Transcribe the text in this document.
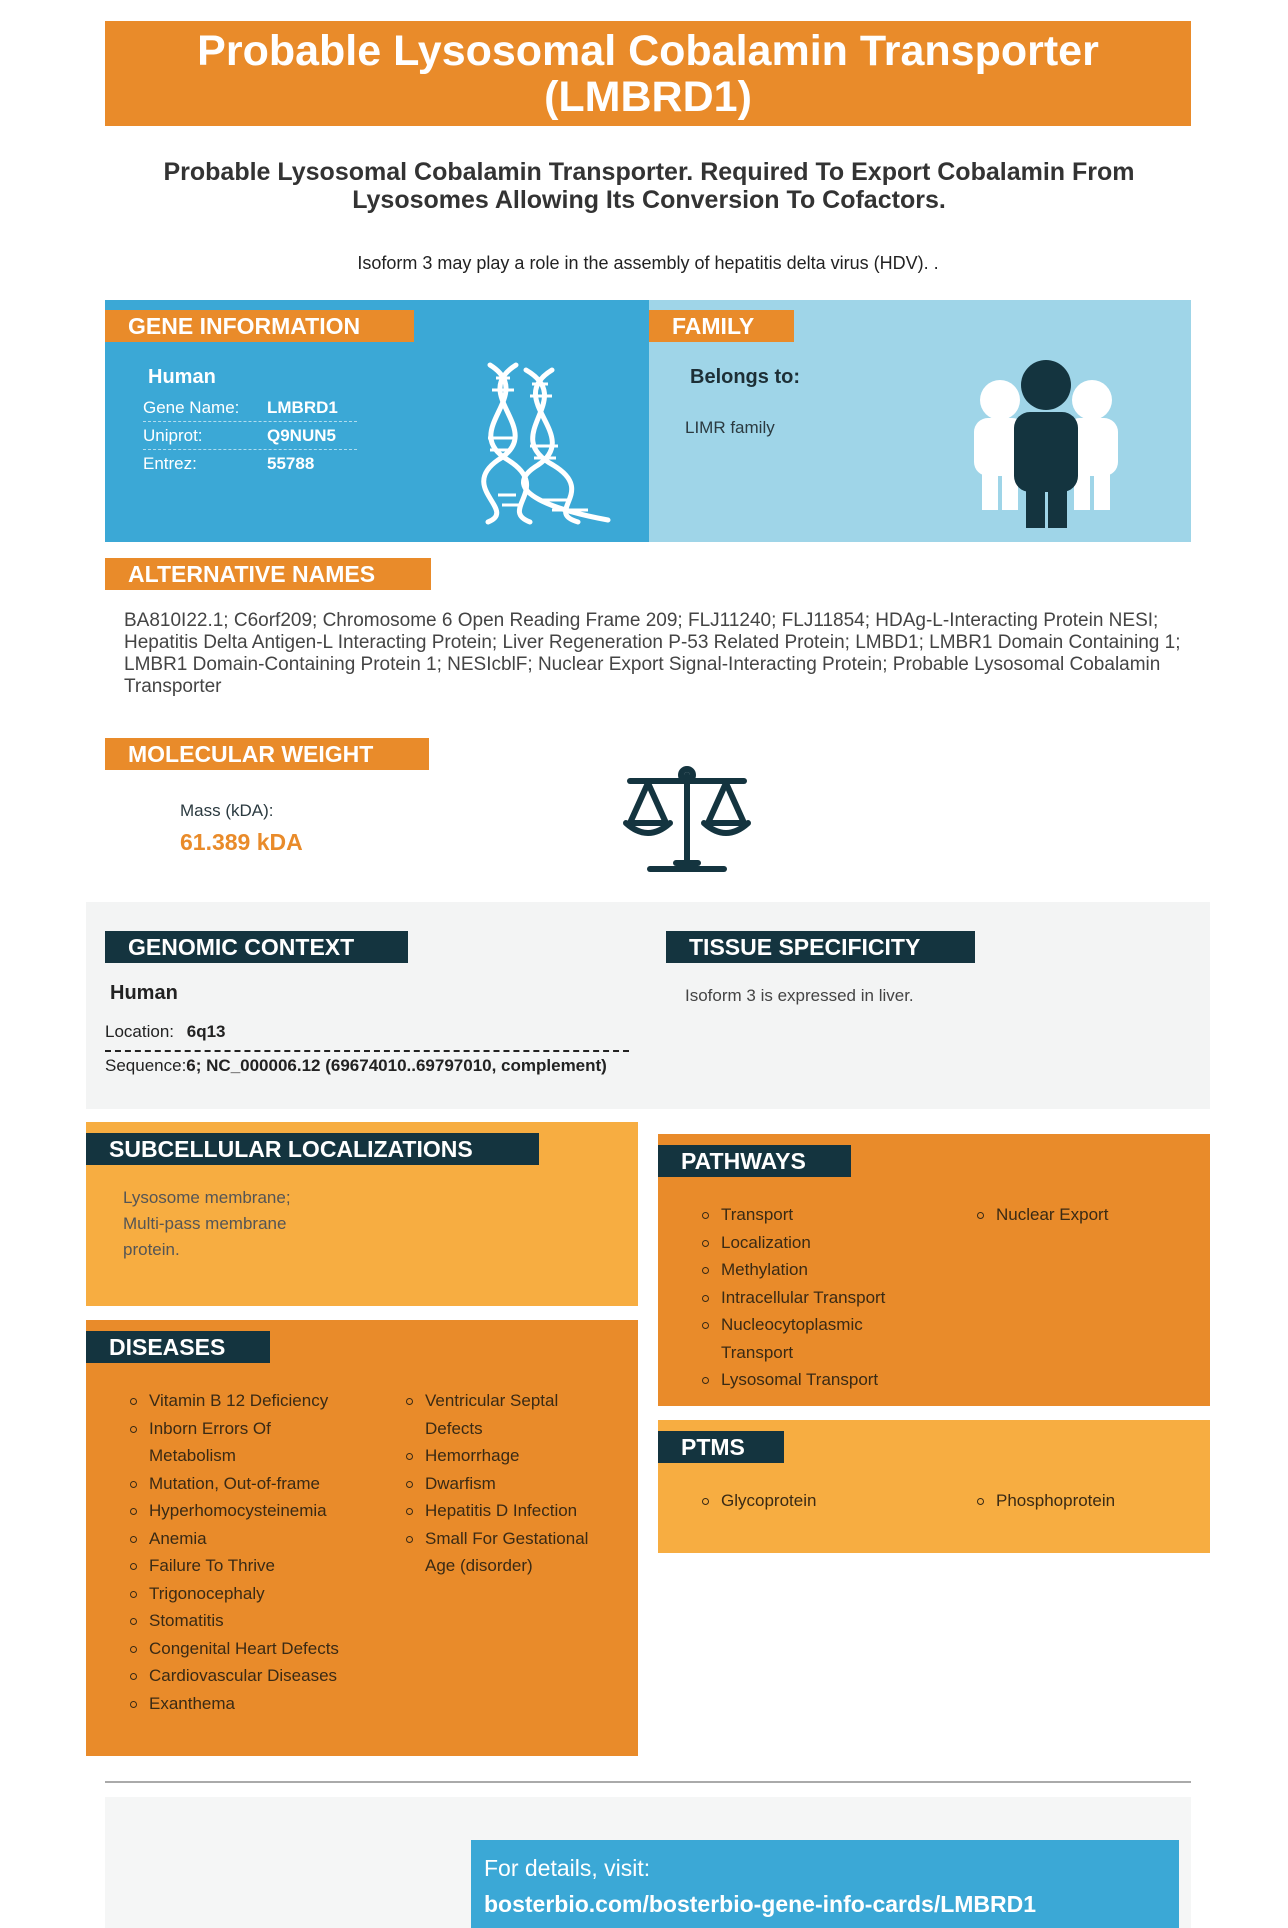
Probable Lysosomal Cobalamin Transporter (LMBRD1)
Probable Lysosomal Cobalamin Transporter. Required To Export Cobalamin From Lysosomes Allowing Its Conversion To Cofactors.
Isoform 3 may play a role in the assembly of hepatitis delta virus (HDV). .
GENE INFORMATION
Human
Gene Name: LMBRD1
Uniprot:	Q9NUN5
Entrez:	55788
FAMILY
Belongs to:
LIMR family
ALTERNATIVE NAMES
BA810I22.1; C6orf209; Chromosome 6 Open Reading Frame 209; FLJ11240; FLJ11854; HDAg-L-Interacting Protein NESI; Hepatitis Delta Antigen-L Interacting Protein; Liver Regeneration P-53 Related Protein; LMBD1; LMBR1 Domain Containing 1; LMBR1 Domain-Containing Protein 1; NESIcblF; Nuclear Export Signal-Interacting Protein; Probable Lysosomal Cobalamin Transporter
MOLECULAR WEIGHT
Mass (kDA):
61.389 kDA
GENOMIC CONTEXT
Human
Location: 6q13
Sequence:6; NC_000006.12 (69674010..69797010, complement)
TISSUE SPECIFICITY
Isoform 3 is expressed in liver.
SUBCELLULAR LOCALIZATIONS
Lysosome membrane; Multi-pass membrane protein.
DISEASES
Vitamin B 12 Deficiency
Inborn Errors Of Metabolism
Mutation, Out-of-frame
Hyperhomocysteinemia
Anemia
Failure To Thrive
Trigonocephaly
Stomatitis
Congenital Heart Defects
Cardiovascular Diseases
Exanthema
Ventricular Septal Defects
Hemorrhage
Dwarfism
Hepatitis D Infection
Small For Gestational Age (disorder)
PATHWAYS
Transport
Localization
Methylation
Intracellular Transport
Nucleocytoplasmic Transport
Lysosomal Transport
Nuclear Export
PTMS
Glycoprotein	Phosphoprotein
For details, visit:
bosterbio.com/bosterbio-gene-info-cards/LMBRD1
